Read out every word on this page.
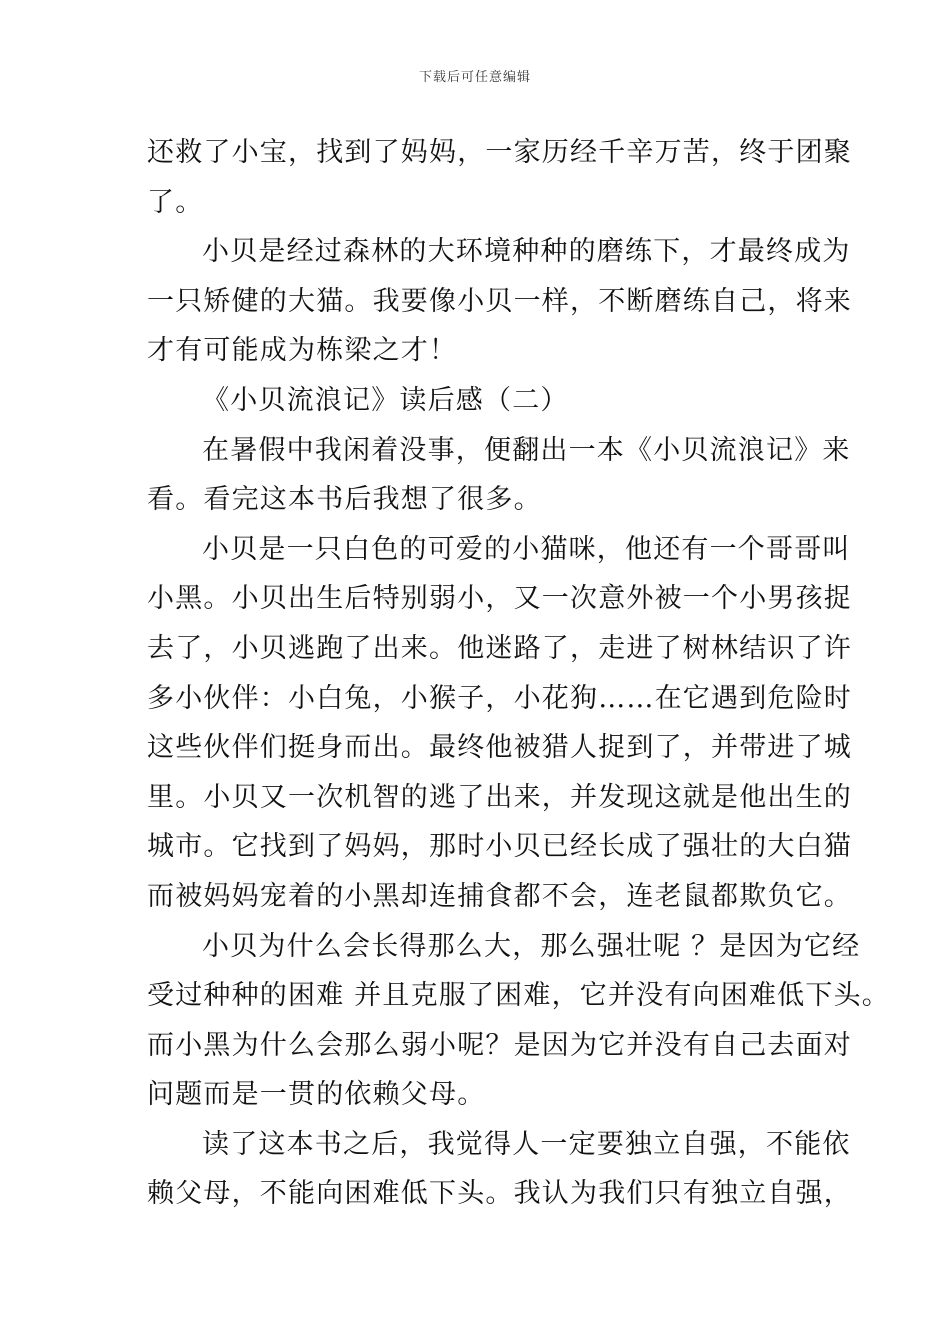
下载后可任意编辑
还救了小宝，找到了妈妈，一家历经千辛万苦，终于团聚
了。
小贝是经过森林的大环境种种的磨练下，才最终成为
一只矫健的大猫。我要像小贝一样，不断磨练自己，将来
才有可能成为栋梁之才！
《小贝流浪记》读后感（二）
在暑假中我闲着没事，便翻出一本《小贝流浪记》来
看。看完这本书后我想了很多。
小贝是一只白色的可爱的小猫咪，他还有一个哥哥叫
小黑。小贝出生后特别弱小，又一次意外被一个小男孩捉
去了，小贝逃跑了出来。他迷路了，走进了树林结识了许
多小伙伴：小白兔，小猴子，小花狗……在它遇到危险时
这些伙伴们挺身而出。最终他被猎人捉到了，并带进了城
里。小贝又一次机智的逃了出来，并发现这就是他出生的
城市。它找到了妈妈，那时小贝已经长成了强壮的大白猫
而被妈妈宠着的小黑却连捕食都不会，连老鼠都欺负它。
小贝为什么会长得那么大，那么强壮呢 ？是因为它经
受过种种的困难 并且克服了困难，它并没有向困难低下头。
而小黑为什么会那么弱小呢？是因为它并没有自己去面对
问题而是一贯的依赖父母。
读了这本书之后，我觉得人一定要独立自强，不能依
赖父母，不能向困难低下头。我认为我们只有独立自强，
